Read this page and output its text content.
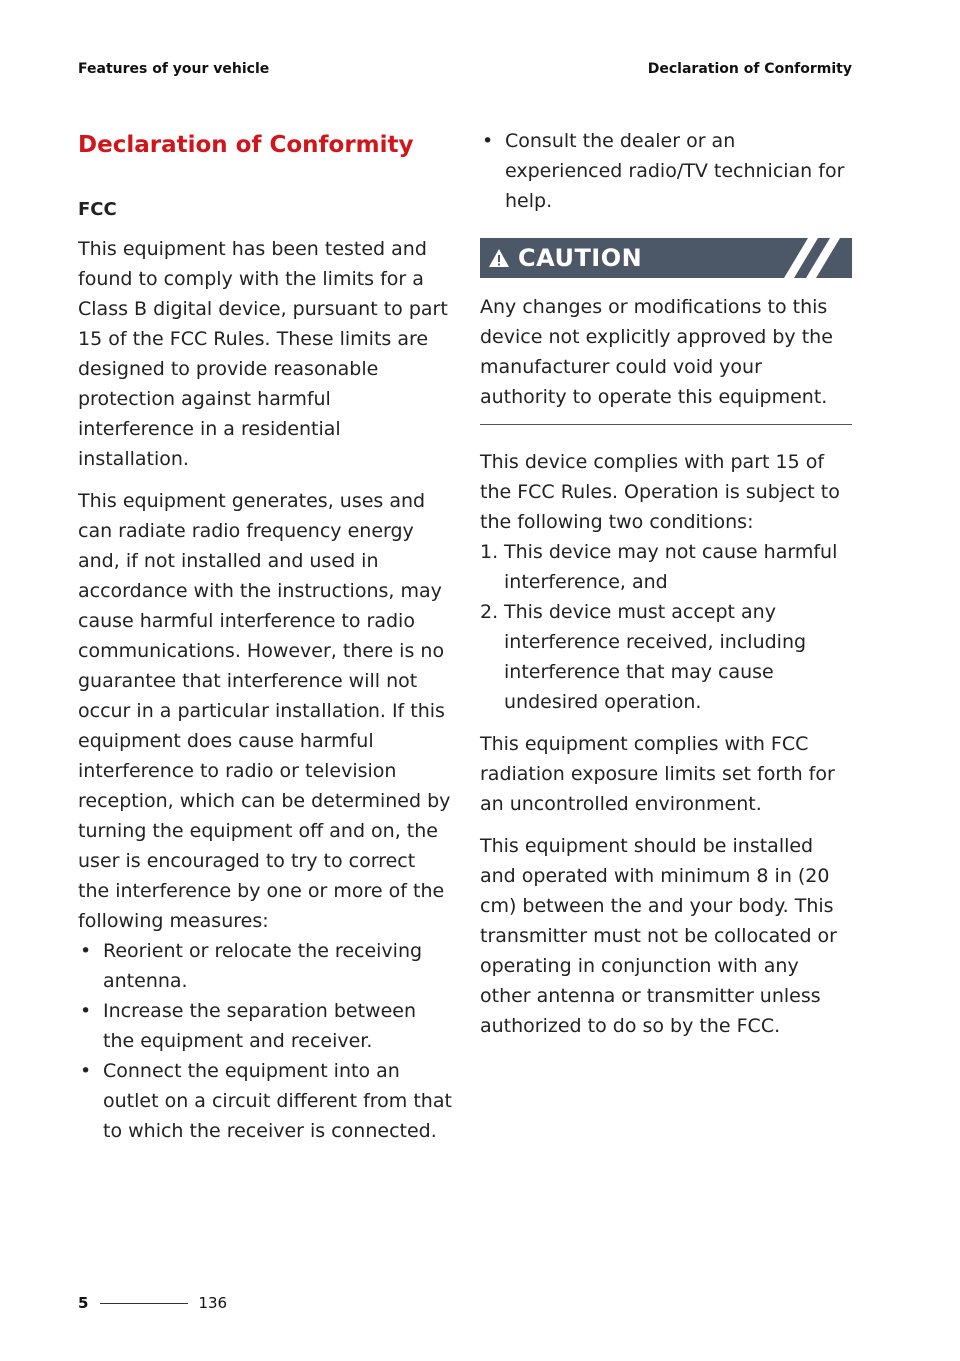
Features of your vehicle	Declaration of Conformity
Declaration of Conformity
FCC

This equipment has been tested and found to comply with the limits for a Class B digital device, pursuant to part 15 of the FCC Rules. These limits are designed to provide reasonable protection against harmful interference in a residential installation.

This equipment generates, uses and can radiate radio frequency energy and, if not installed and used in accordance with the instructions, may cause harmful interference to radio communications. However, there is no guarantee that interference will not occur in a particular installation. If this equipment does cause harmful interference to radio or television reception, which can be determined by turning the equipment off and on, the user is encouraged to try to correct the interference by one or more of the following measures:

• Reorient or relocate the receiving antenna.
• Increase the separation between the equipment and receiver.
• Connect the equipment into an outlet on a circuit different from that to which the receiver is connected.
• Consult the dealer or an experienced radio/TV technician for help.
CAUTION

Any changes or modifications to this device not explicitly approved by the manufacturer could void your authority to operate this equipment.

This device complies with part 15 of the FCC Rules. Operation is subject to the following two conditions:

1. This device may not cause harmful interference, and
2. This device must accept any interference received, including interference that may cause undesired operation.

This equipment complies with FCC radiation exposure limits set forth for an uncontrolled environment.

This equipment should be installed and operated with minimum 8 in (20 cm) between the and your body. This transmitter must not be collocated or operating in conjunction with any other antenna or transmitter unless authorized to do so by the FCC.

5	136
